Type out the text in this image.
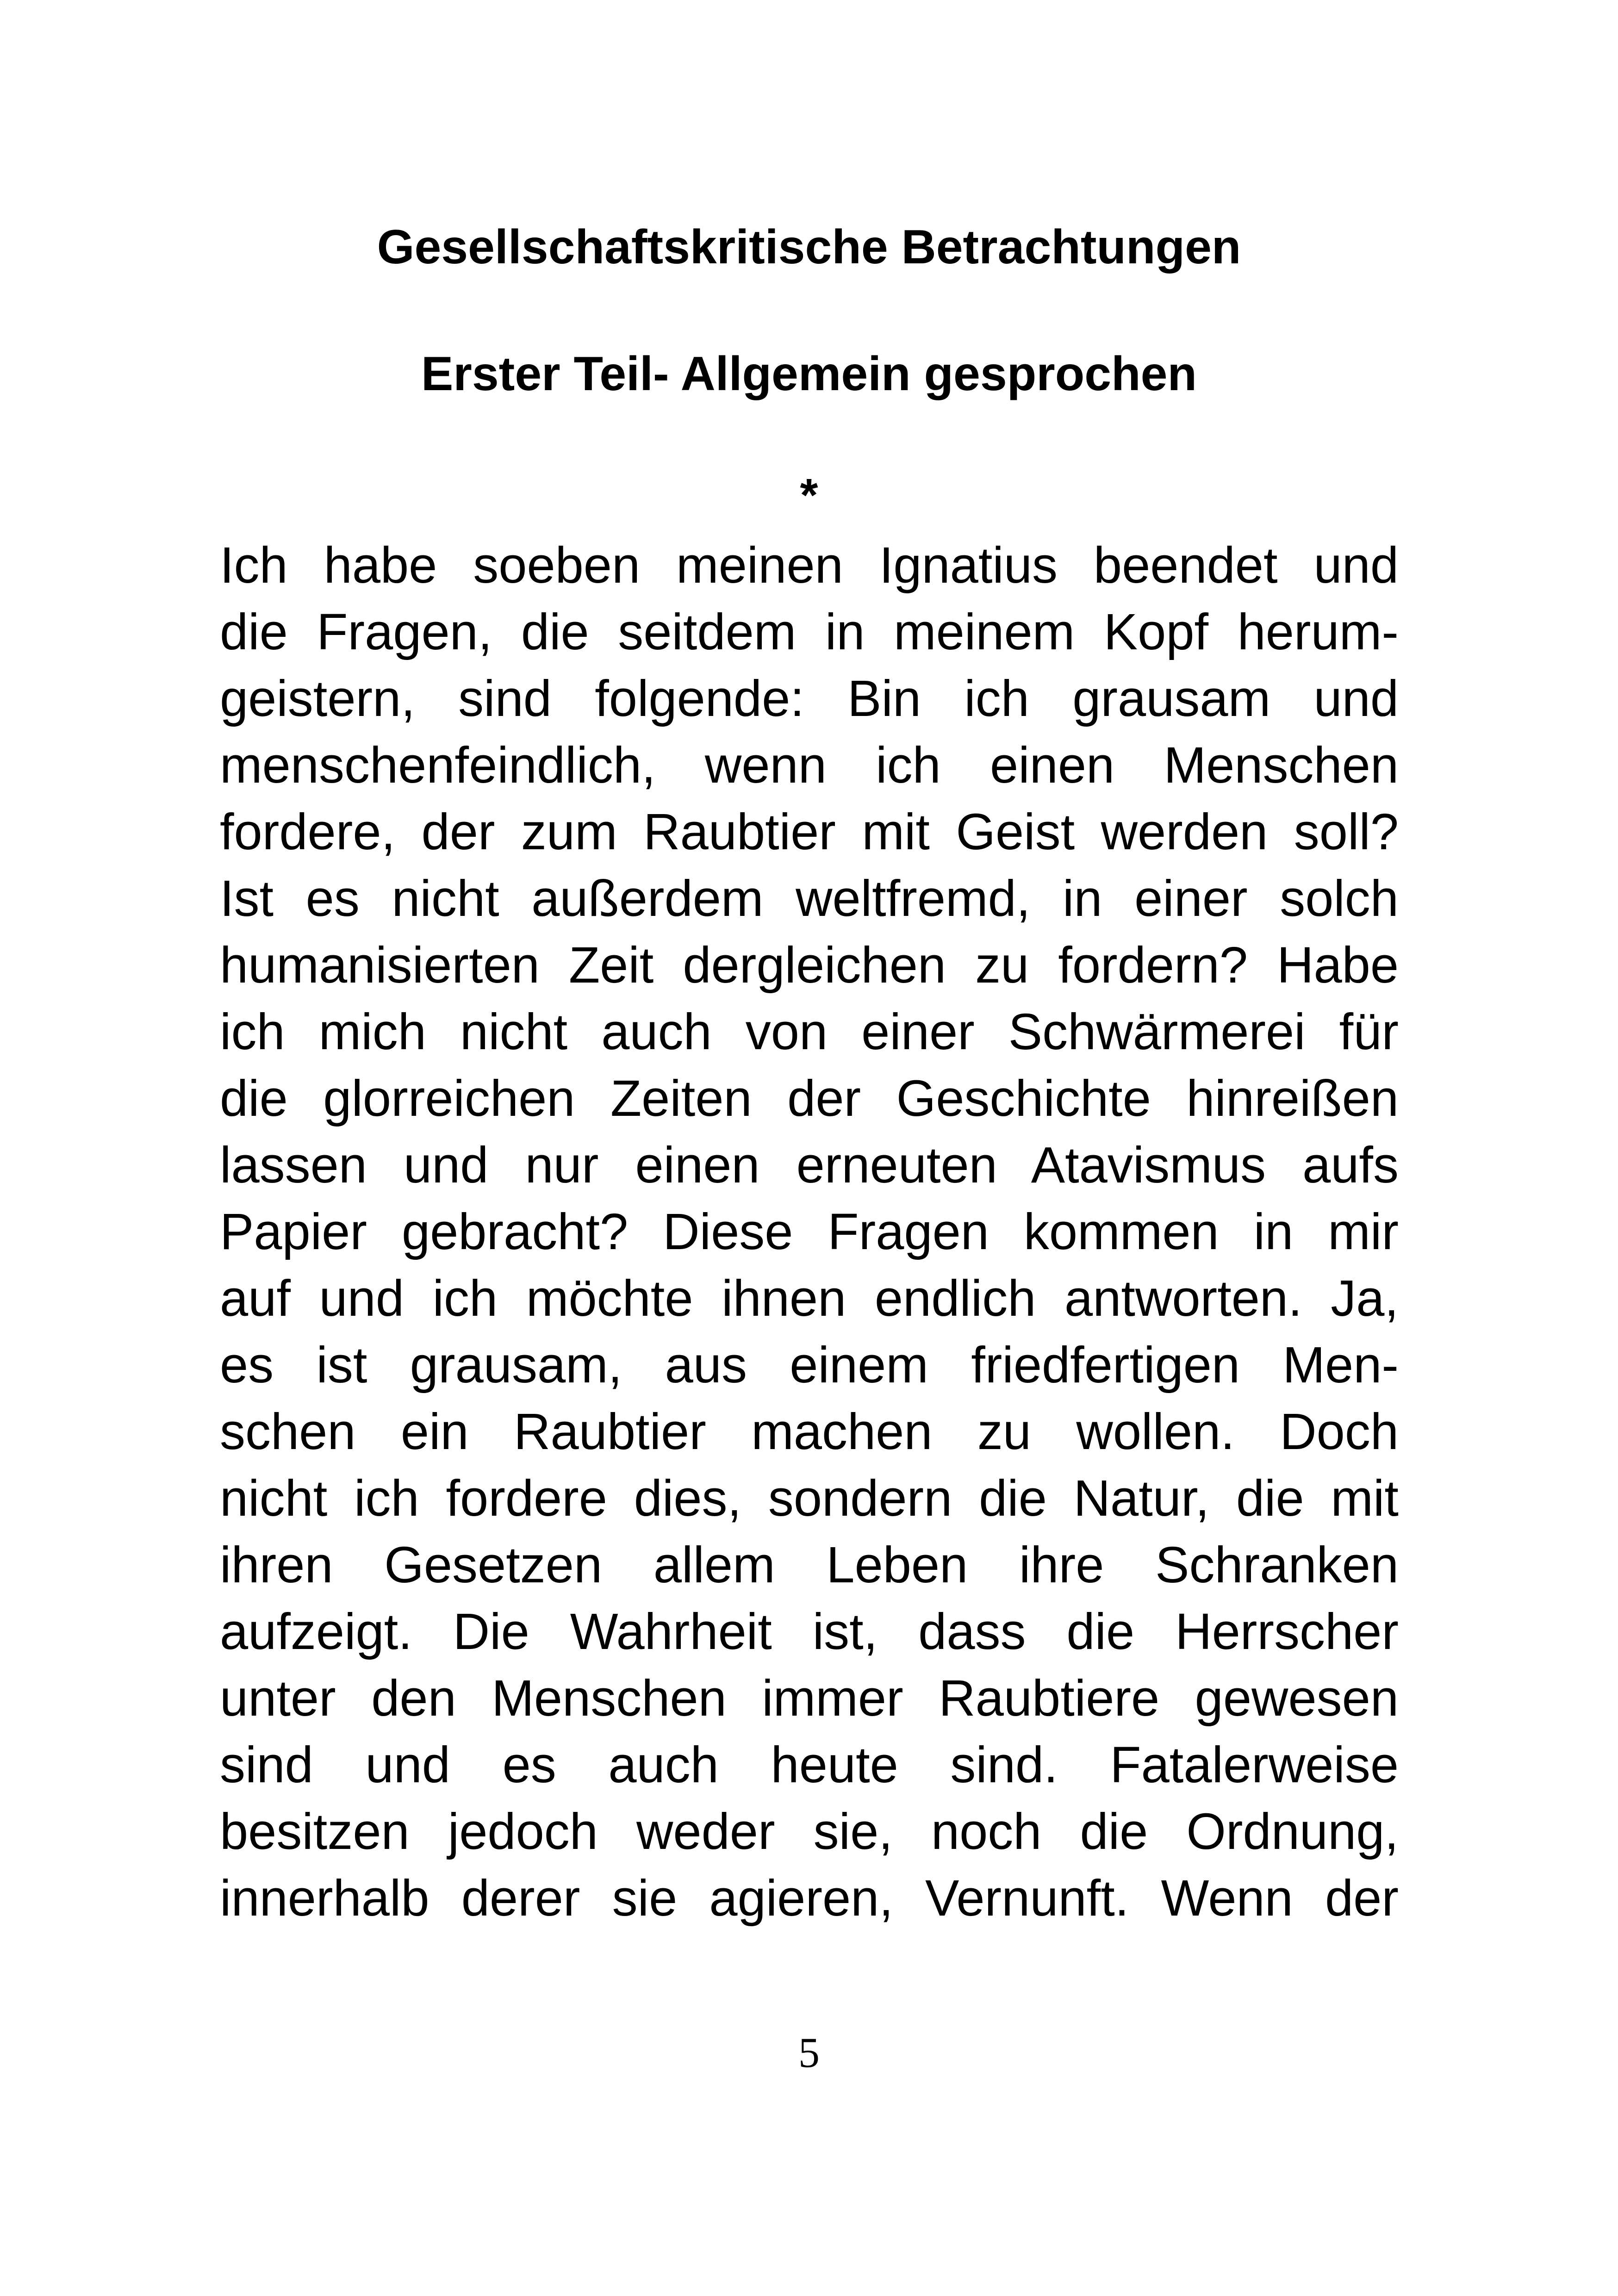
Gesellschaftskritische Betrachtungen
Erster Teil- Allgemein gesprochen
*
Ich habe soeben meinen Ignatius beendet und
die Fragen, die seitdem in meinem Kopf herum-
geistern, sind folgende: Bin ich grausam und
menschenfeindlich, wenn ich einen Menschen
fordere, der zum Raubtier mit Geist werden soll?
Ist es nicht außerdem weltfremd, in einer solch
humanisierten Zeit dergleichen zu fordern? Habe
ich mich nicht auch von einer Schwärmerei für
die glorreichen Zeiten der Geschichte hinreißen
lassen und nur einen erneuten Atavismus aufs
Papier gebracht? Diese Fragen kommen in mir
auf und ich möchte ihnen endlich antworten. Ja,
es ist grausam, aus einem friedfertigen Men-
schen ein Raubtier machen zu wollen. Doch
nicht ich fordere dies, sondern die Natur, die mit
ihren Gesetzen allem Leben ihre Schranken
aufzeigt. Die Wahrheit ist, dass die Herrscher
unter den Menschen immer Raubtiere gewesen
sind und es auch heute sind. Fatalerweise
besitzen jedoch weder sie, noch die Ordnung,
innerhalb derer sie agieren, Vernunft. Wenn der
5
